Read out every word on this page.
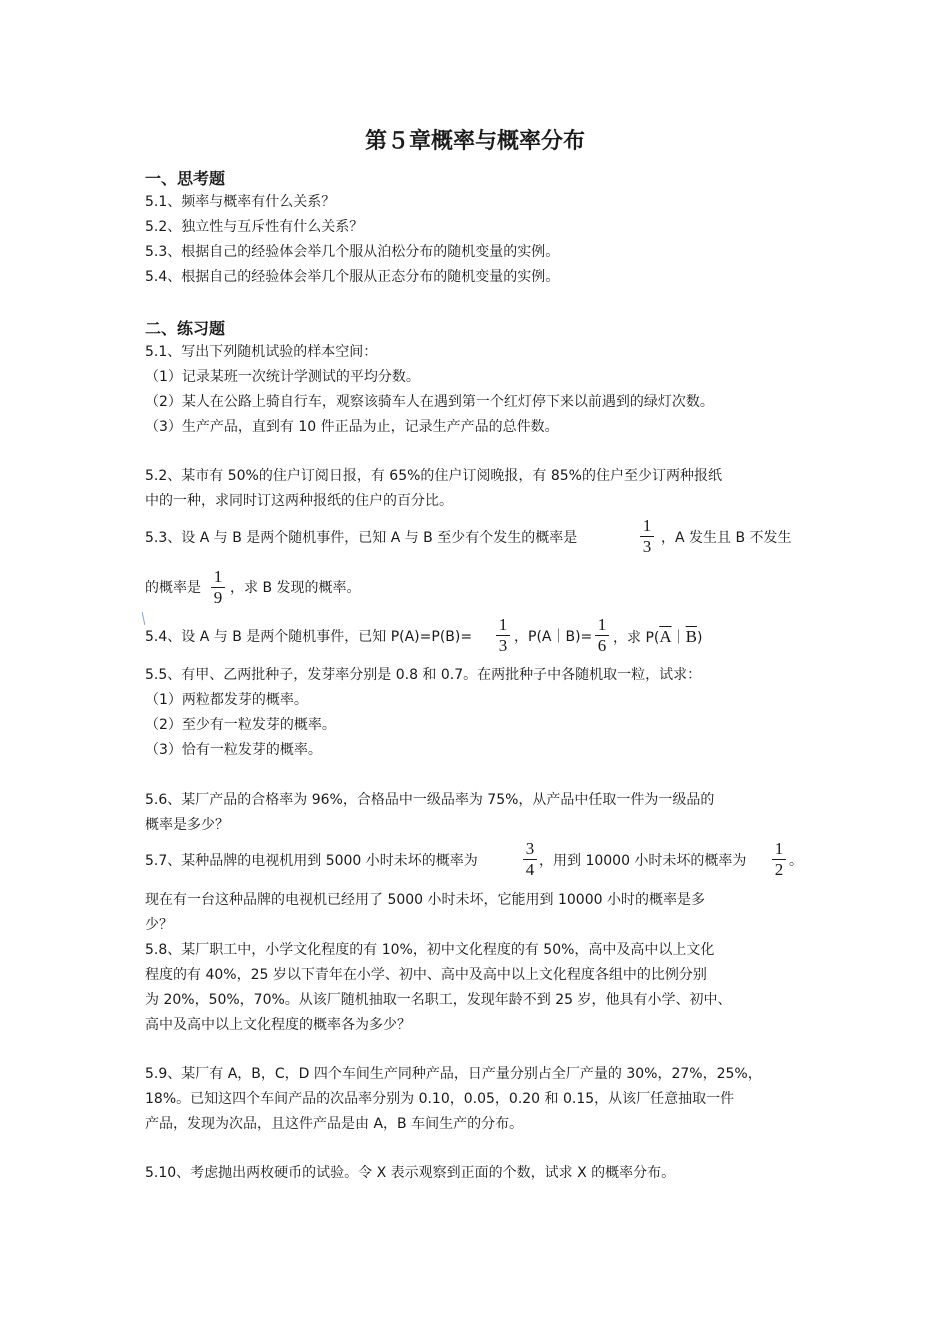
第５章概率与概率分布
一、思考题
5.1、频率与概率有什么关系？
5.2、独立性与互斥性有什么关系？
5.3、根据自己的经验体会举几个服从泊松分布的随机变量的实例。
5.4、根据自己的经验体会举几个服从正态分布的随机变量的实例。
二、练习题
5.1、写出下列随机试验的样本空间：
（1）记录某班一次统计学测试的平均分数。
（2）某人在公路上骑自行车，观察该骑车人在遇到第一个红灯停下来以前遇到的绿灯次数。
（3）生产产品，直到有 10 件正品为止，记录生产产品的总件数。
5.2、某市有 50%的住户订阅日报，有 65%的住户订阅晚报，有 85%的住户至少订两种报纸
中的一种，求同时订这两种报纸的住户的百分比。
5.3、设 A 与 B 是两个随机事件，已知 A 与 B 至少有个发生的概率是
1
3 ，A 发生且 B 不发生
的概率是
1
9 ，求 B 发现的概率。
5.4、设 A 与 B 是两个随机事件，已知 P(A)=P(B)=
1
3 ，P(A｜B)=
1
6 ，求 $P(\overline{A}|\overline{B})$
5.5、有甲、乙两批种子，发芽率分别是 0.8 和 0.7。在两批种子中各随机取一粒，试求：
（1）两粒都发芽的概率。
（2）至少有一粒发芽的概率。
（3）恰有一粒发芽的概率。
5.6、某厂产品的合格率为 96%，合格品中一级品率为 75%，从产品中任取一件为一级品的
概率是多少？
5.7、某种品牌的电视机用到 5000 小时未坏的概率为
3
4 ，用到 10000 小时未坏的概率为
1
2 。
现在有一台这种品牌的电视机已经用了 5000 小时未坏，它能用到 10000 小时的概率是多
少？
5.8、某厂职工中，小学文化程度的有 10%，初中文化程度的有 50%，高中及高中以上文化
程度的有 40%，25 岁以下青年在小学、初中、高中及高中以上文化程度各组中的比例分别
为 20%，50%，70%。从该厂随机抽取一名职工，发现年龄不到 25 岁，他具有小学、初中、
高中及高中以上文化程度的概率各为多少？
5.9、某厂有 A，B，C，D 四个车间生产同种产品，日产量分别占全厂产量的 30%，27%，25%，
18%。已知这四个车间产品的次品率分别为 0.10，0.05，0.20 和 0.15，从该厂任意抽取一件
产品，发现为次品，且这件产品是由 A，B 车间生产的分布。
5.10、考虑抛出两枚硬币的试验。令 X 表示观察到正面的个数，试求 X 的概率分布。
